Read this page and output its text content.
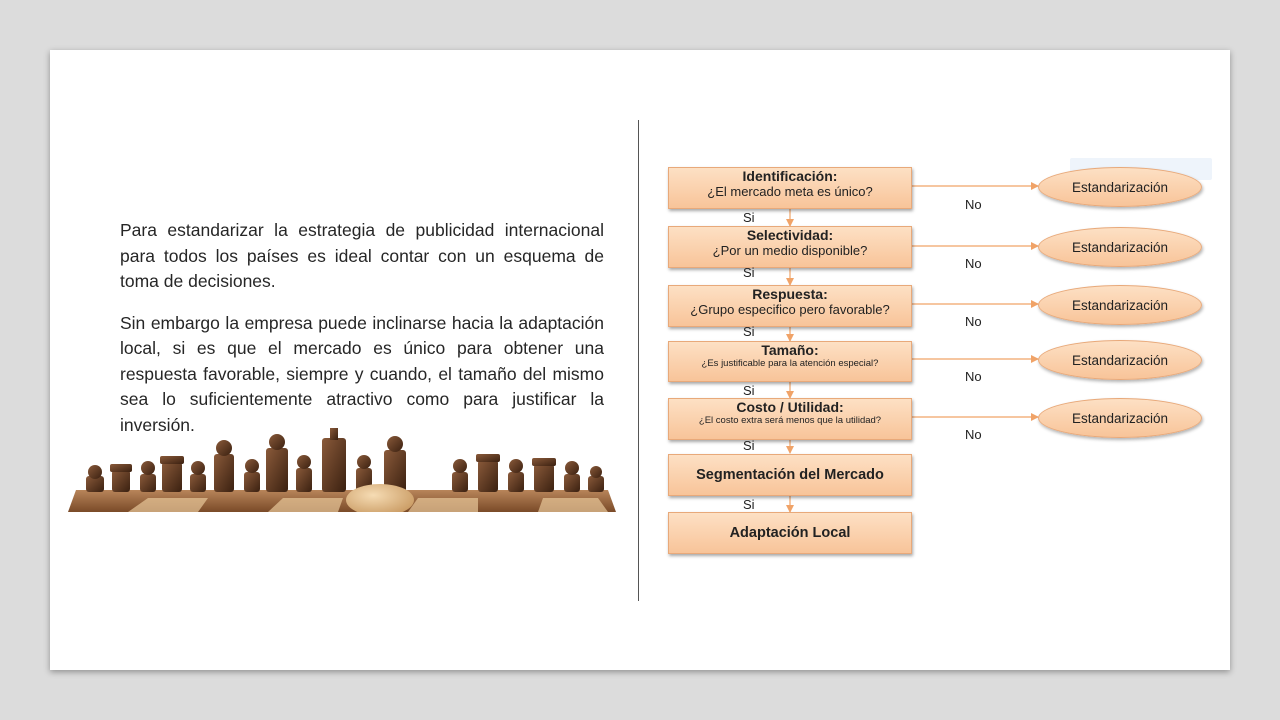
Para estandarizar la estrategia de publicidad internacional para todos los países es ideal contar con un esquema de toma de decisiones.

Sin embargo la empresa puede inclinarse hacia la adaptación local, si es que el mercado es único para obtener una respuesta favorable, siempre y cuando, el tamaño del mismo sea lo suficientemente atractivo como para justificar la inversión.

Identificación:
¿El mercado meta es único?
Selectividad:
¿Por un medio disponible?
Respuesta:
¿Grupo especifico pero favorable?
Tamaño:
¿Es justificable para la atención especial?
Costo / Utilidad:
¿El costo extra será menos que la utilidad?
Segmentación del Mercado
Adaptación Local
Estandarización
Estandarización
Estandarización
Estandarización
Estandarización
No
No
No
No
No
Si
Si
Si
Si
Si
Si
